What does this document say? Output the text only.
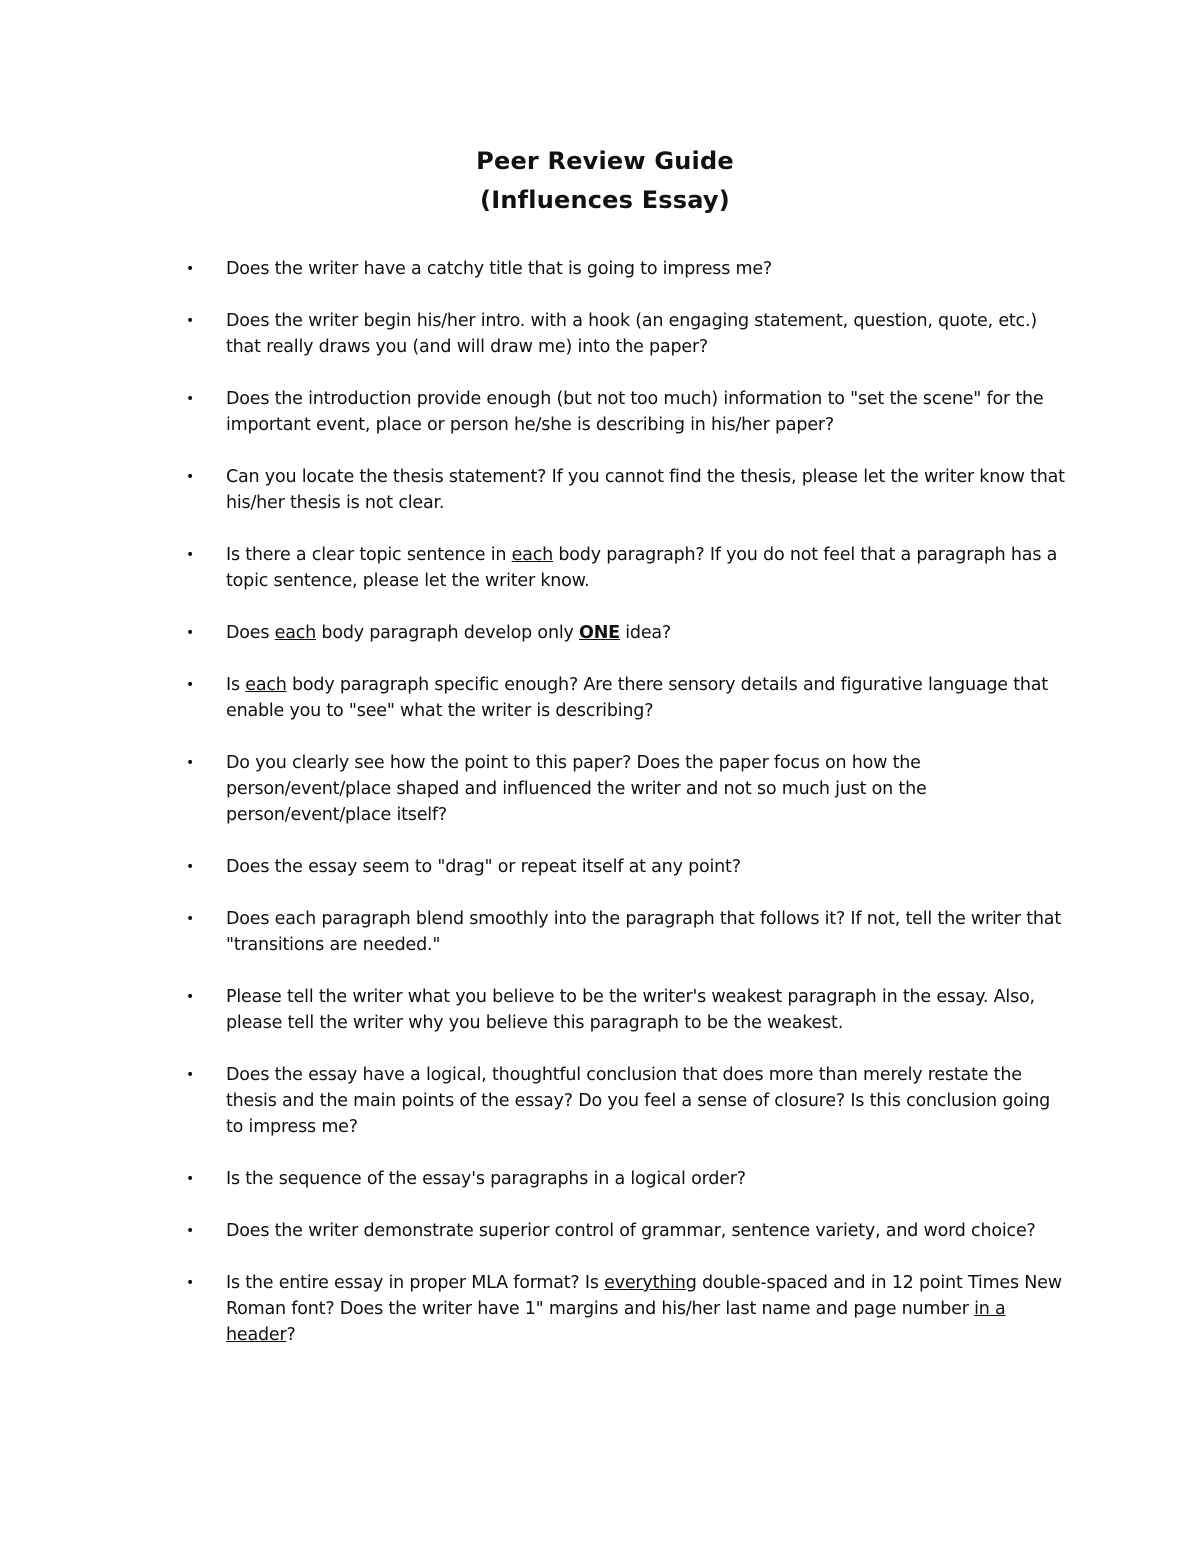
Peer Review Guide
(Influences Essay)
• Does the writer have a catchy title that is going to impress me?
• Does the writer begin his/her intro. with a hook (an engaging statement, question, quote, etc.) that really draws you (and will draw me) into the paper?
• Does the introduction provide enough (but not too much) information to "set the scene" for the important event, place or person he/she is describing in his/her paper?
• Can you locate the thesis statement? If you cannot find the thesis, please let the writer know that his/her thesis is not clear.
• Is there a clear topic sentence in each body paragraph? If you do not feel that a paragraph has a topic sentence, please let the writer know.
• Does each body paragraph develop only ONE idea?
• Is each body paragraph specific enough? Are there sensory details and figurative language that enable you to "see" what the writer is describing?
• Do you clearly see how the point to this paper? Does the paper focus on how the person/event/place shaped and influenced the writer and not so much just on the person/event/place itself?
• Does the essay seem to "drag" or repeat itself at any point?
• Does each paragraph blend smoothly into the paragraph that follows it? If not, tell the writer that "transitions are needed."
• Please tell the writer what you believe to be the writer's weakest paragraph in the essay. Also, please tell the writer why you believe this paragraph to be the weakest.
• Does the essay have a logical, thoughtful conclusion that does more than merely restate the thesis and the main points of the essay? Do you feel a sense of closure? Is this conclusion going to impress me?
• Is the sequence of the essay's paragraphs in a logical order?
• Does the writer demonstrate superior control of grammar, sentence variety, and word choice?
• Is the entire essay in proper MLA format? Is everything double-spaced and in 12 point Times New Roman font? Does the writer have 1" margins and his/her last name and page number in a header?
